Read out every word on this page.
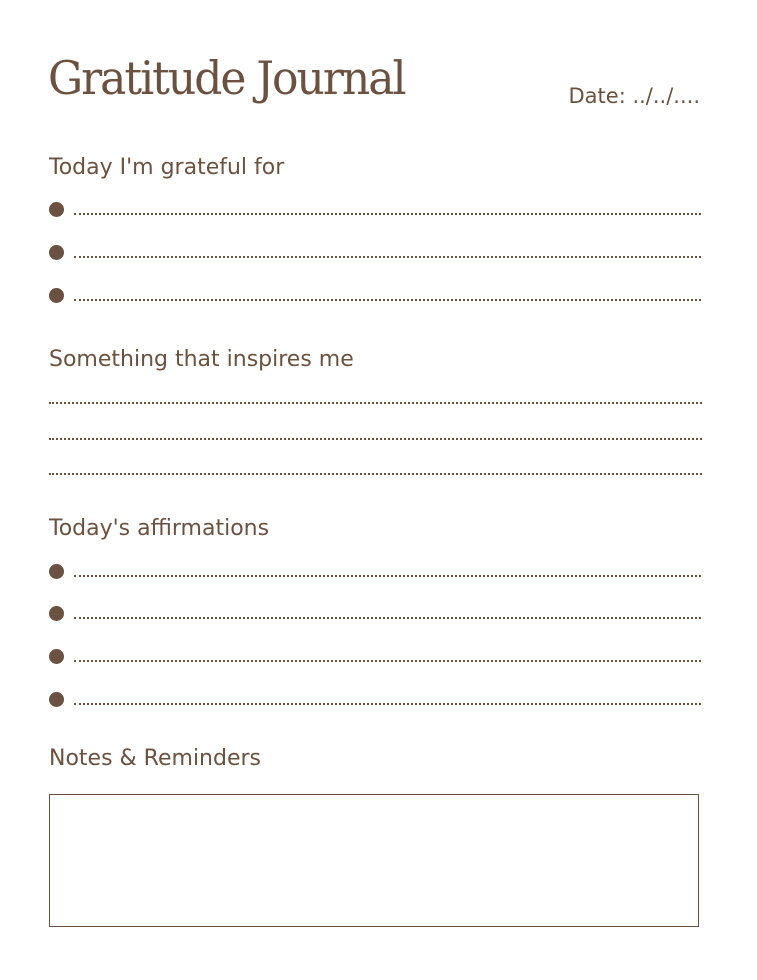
Gratitude Journal	Date: ../../....
Today I'm grateful for
Something that inspires me
Today's affirmations
Notes & Reminders
